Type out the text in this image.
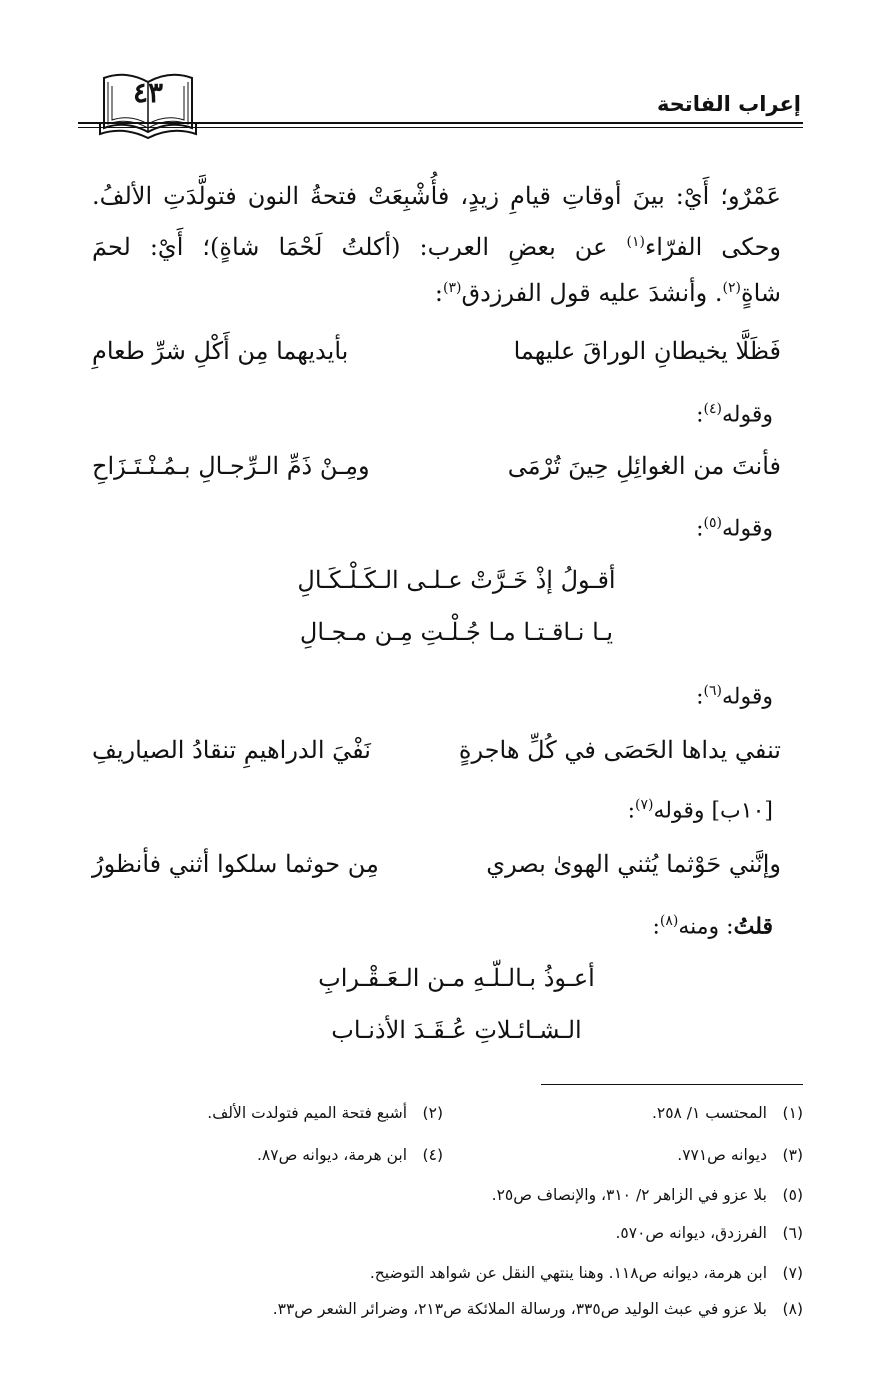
إعراب الفاتحة
٤٣
عَمْرٌو؛ أَيْ: بينَ أوقاتِ قيامِ زيدٍ، فأُشْبِعَتْ فتحةُ النون فتولَّدَتِ الألفُ.
وحكى الفرّاء$^{(١)}$ عن بعضِ العرب: (أكلتُ لَحْمَا شاةٍ)؛ أَيْ: لحمَ
شاةٍ$^{(٢)}$. وأنشدَ عليه قول الفرزدق$^{(٣)}$:
فَظَلَّا يخيطانِ الوراقَ عليهما
بأيديهما مِن أَكْلِ شرِّ طعامِ
وقوله$^{(٤)}$:
فأنتَ من الغوائِلِ حِينَ تُرْمَى
ومِـنْ ذَمِّ الـرِّجـالِ بـمُـنْـتَـزَاحِ
وقوله$^{(٥)}$:
أقـولُ إذْ خَـرَّتْ عـلـى الـكَـلْـكَـالِ
يـا نـاقـتـا مـا جُـلْـتِ مِـن مـجـالِ
وقوله$^{(٦)}$:
تنفي يداها الحَصَى في كُلِّ هاجرةٍ
نَفْيَ الدراهيمِ تنقادُ الصياريفِ
[١٠ب] وقوله$^{(٧)}$:
وإنَّني حَوْثما يُثني الهوىٰ بصري
مِن حوثما سلكوا أثني فأنظورُ
قلتُ: ومنه$^{(٨)}$:
أعـوذُ بـالـلّـهِ مـن الـعَـقْـرابِ
الـشـائـلاتِ عُـقَـدَ الأذنـاب
(١)المحتسب ١/ ٢٥٨.
(٢)أشبع فتحة الميم فتولدت الألف.
(٣)ديوانه ص٧٧١.
(٤)ابن هرمة، ديوانه ص٨٧.
(٥)بلا عزو في الزاهر ٢/ ٣١٠، والإنصاف ص٢٥.
(٦)الفرزدق، ديوانه ص٥٧٠.
(٧)ابن هرمة، ديوانه ص١١٨. وهنا ينتهي النقل عن شواهد التوضيح.
(٨)بلا عزو في عبث الوليد ص٣٣٥، ورسالة الملائكة ص٢١٣، وضرائر الشعر ص٣٣.
